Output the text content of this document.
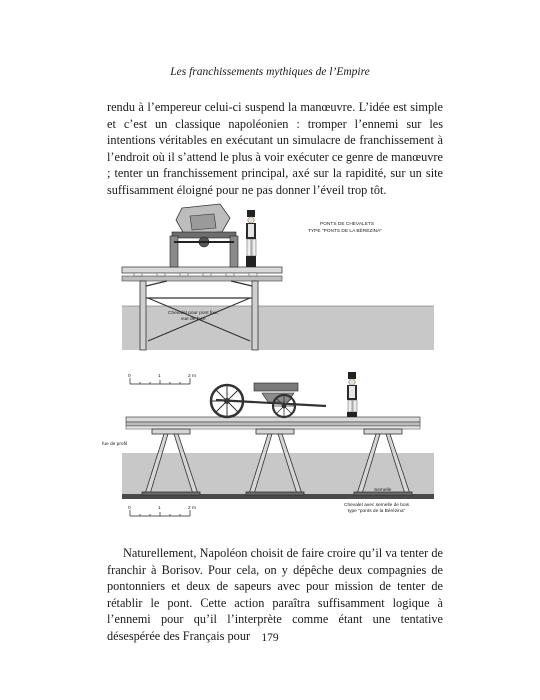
Les franchissements mythiques de l’Empire

rendu à l’empereur celui-ci suspend la manœuvre. L’idée est simple et c’est un classique napoléonien : tromper l’ennemi sur les intentions véritables en exécutant un simulacre de franchissement à l’endroit où il s’attend le plus à voir exécuter ce genre de manœuvre ; tenter un franchissement principal, axé sur la rapidité, sur un site suffisamment éloigné pour ne pas donner l’éveil trop tôt.

PONTS DE CHEVALETS
TYPE "PONTS DE LA BÉRÉZINA"
Chevalet pour pont fixe,
vue de face
0	1	2 m
fue de profil
Semelle
0	1	2 m
Chevalet avec semelle de bois
type "ponts de la Bérézina"

Naturellement, Napoléon choisit de faire croire qu’il va tenter de franchir à Borisov. Pour cela, on y dépêche deux compagnies de pontonniers et deux de sapeurs avec pour mission de tenter de rétablir le pont. Cette action paraîtra suffisamment logique à l’ennemi pour qu’il l’interprète comme étant une tentative désespérée des Français pour 179
